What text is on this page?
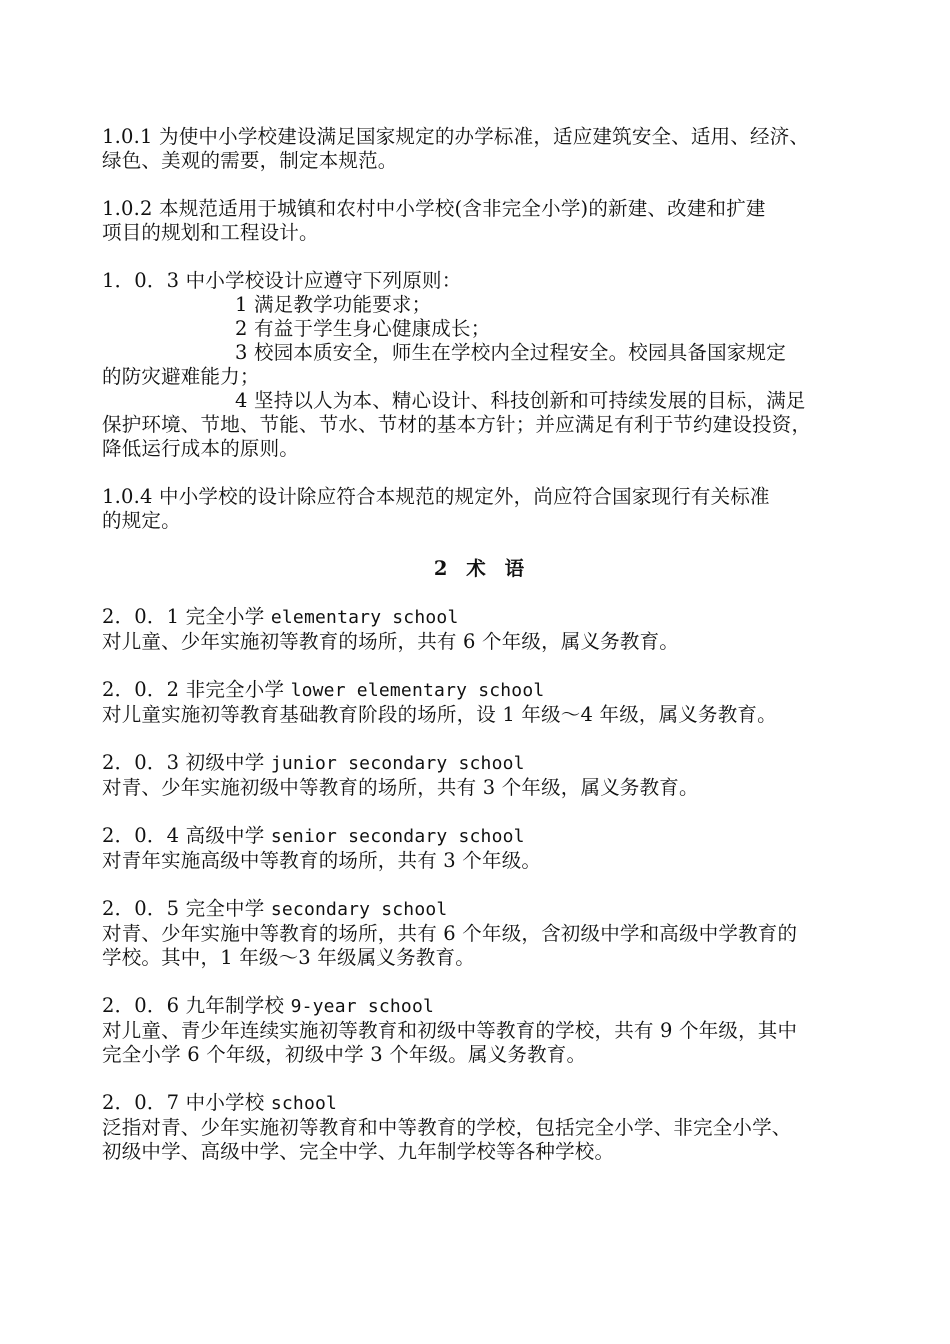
1.0.1 为使中小学校建设满足国家规定的办学标准，适应建筑安全、适用、经济、
绿色、美观的需要，制定本规范。
1.0.2 本规范适用于城镇和农村中小学校(含非完全小学)的新建、改建和扩建
项目的规划和工程设计。
1．0．3 中小学校设计应遵守下列原则：
1 满足教学功能要求；
2 有益于学生身心健康成长；
3 校园本质安全，师生在学校内全过程安全。校园具备国家规定
的防灾避难能力；
4 坚持以人为本、精心设计、科技创新和可持续发展的目标，满足
保护环境、节地、节能、节水、节材的基本方针；并应满足有利于节约建设投资，
降低运行成本的原则。
1.0.4 中小学校的设计除应符合本规范的规定外，尚应符合国家现行有关标准
的规定。
2 术 语
2．0．1 完全小学 elementary school
对儿童、少年实施初等教育的场所，共有 6 个年级，属义务教育。
2．0．2 非完全小学 lower elementary school
对儿童实施初等教育基础教育阶段的场所，设 1 年级～4 年级，属义务教育。
2．0．3 初级中学 junior secondary school
对青、少年实施初级中等教育的场所，共有 3 个年级，属义务教育。
2．0．4 高级中学 senior secondary school
对青年实施高级中等教育的场所，共有 3 个年级。
2．0．5 完全中学 secondary school
对青、少年实施中等教育的场所，共有 6 个年级，含初级中学和高级中学教育的
学校。其中，1 年级～3 年级属义务教育。
2．0．6 九年制学校 9-year school
对儿童、青少年连续实施初等教育和初级中等教育的学校，共有 9 个年级，其中
完全小学 6 个年级，初级中学 3 个年级。属义务教育。
2．0．7 中小学校 school
泛指对青、少年实施初等教育和中等教育的学校，包括完全小学、非完全小学、
初级中学、高级中学、完全中学、九年制学校等各种学校。
